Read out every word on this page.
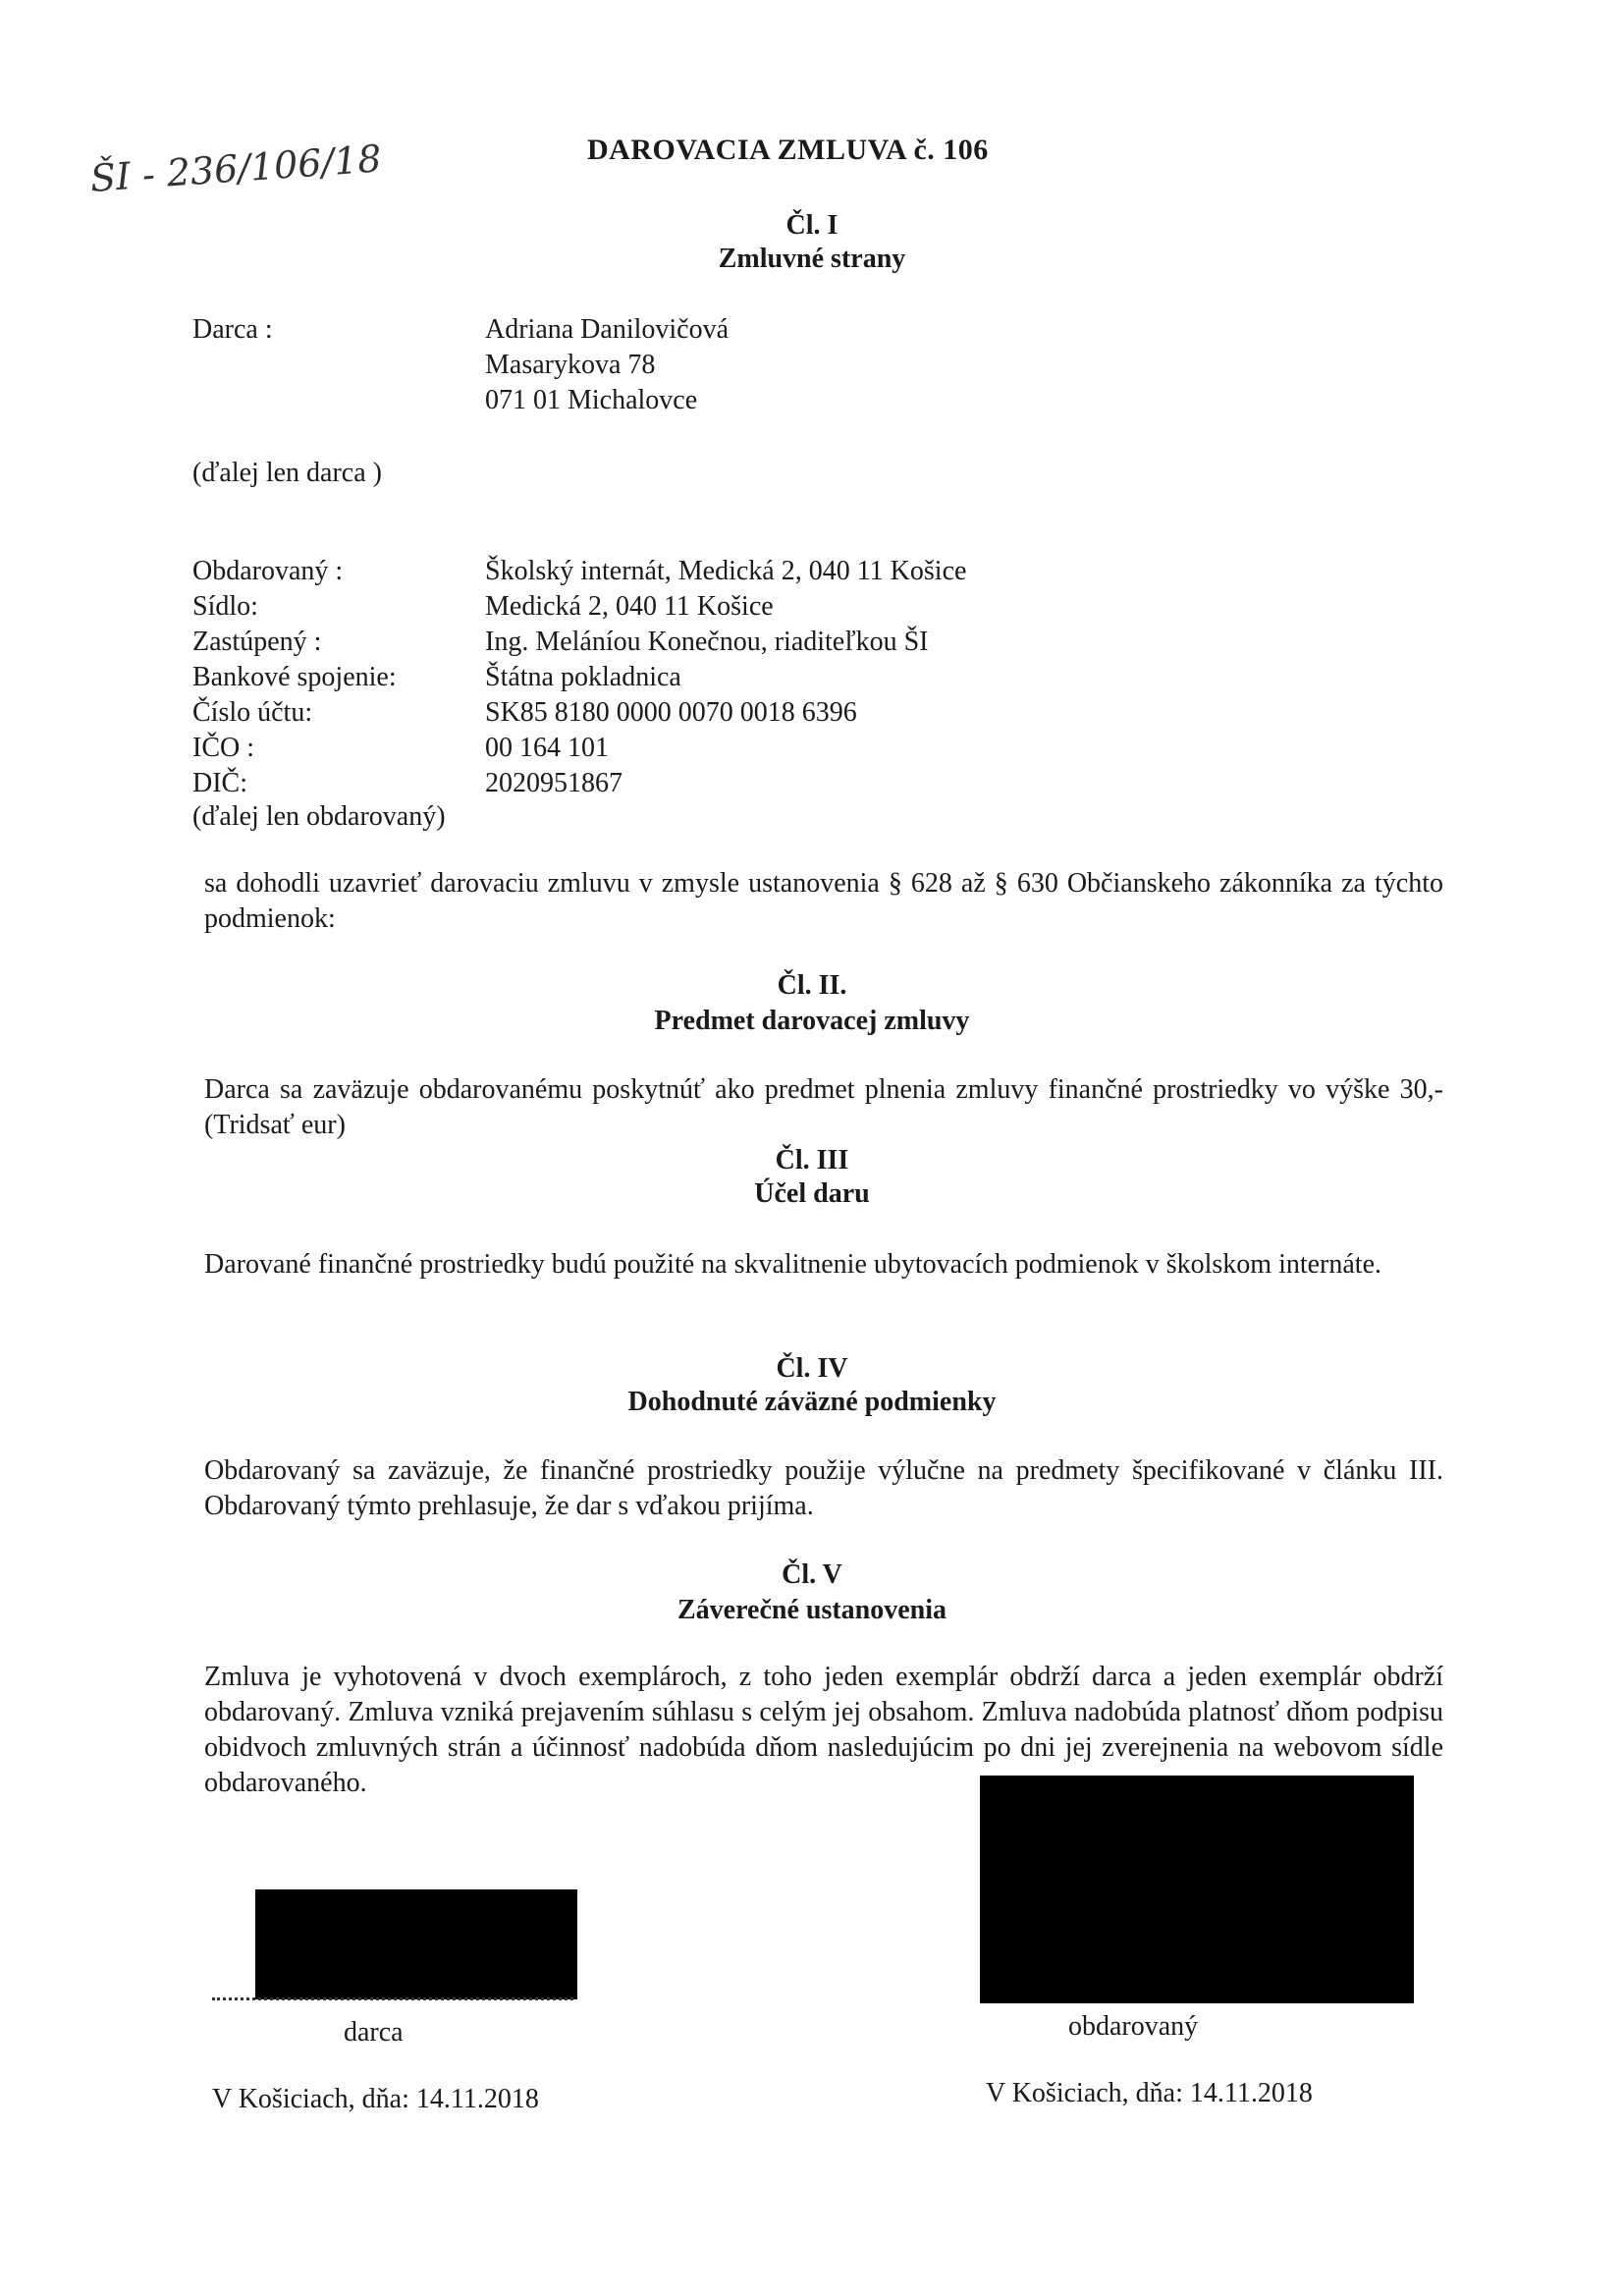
ŠI - 236/106/18	DAROVACIA ZMLUVA č. 106
Čl. I
Zmluvné strany
Darca :	Adriana Danilovičová
Masarykova 78
071 01 Michalovce
(ďalej len darca )
Obdarovaný :	Školský internát, Medická 2, 040 11 Košice
Sídlo:	Medická 2, 040 11 Košice
Zastúpený :	Ing. Meláníou Konečnou, riaditeľkou ŠI
Bankové spojenie:	Štátna pokladnica
Číslo účtu:	SK85 8180 0000 0070 0018 6396
IČO :	00 164 101
DIČ:	2020951867
(ďalej len obdarovaný)
sa dohodli uzavrieť darovaciu zmluvu v zmysle ustanovenia § 628 až § 630 Občianskeho zákonníka za týchto podmienok:
Čl. II.
Predmet darovacej zmluvy
Darca sa zaväzuje obdarovanému poskytnúť ako predmet plnenia zmluvy finančné prostriedky vo výške 30,- (Tridsať eur)
Čl. III
Účel daru
Darované finančné prostriedky budú použité na skvalitnenie ubytovacích podmienok v školskom internáte.
Čl. IV
Dohodnuté záväzné podmienky
Obdarovaný sa zaväzuje, že finančné prostriedky použije výlučne na predmety špecifikované v článku III. Obdarovaný týmto prehlasuje, že dar s vďakou prijíma.
Čl. V
Záverečné ustanovenia
Zmluva je vyhotovená v dvoch exemplároch, z toho jeden exemplár obdrží darca a jeden exemplár obdrží obdarovaný. Zmluva vzniká prejavením súhlasu s celým jej obsahom. Zmluva nadobúda platnosť dňom podpisu obidvoch zmluvných strán a účinnosť nadobúda dňom nasledujúcim po dni jej zverejnenia na webovom sídle obdarovaného.
darca	obdarovaný
V Košiciach, dňa: 14.11.2018	V Košiciach, dňa: 14.11.2018
